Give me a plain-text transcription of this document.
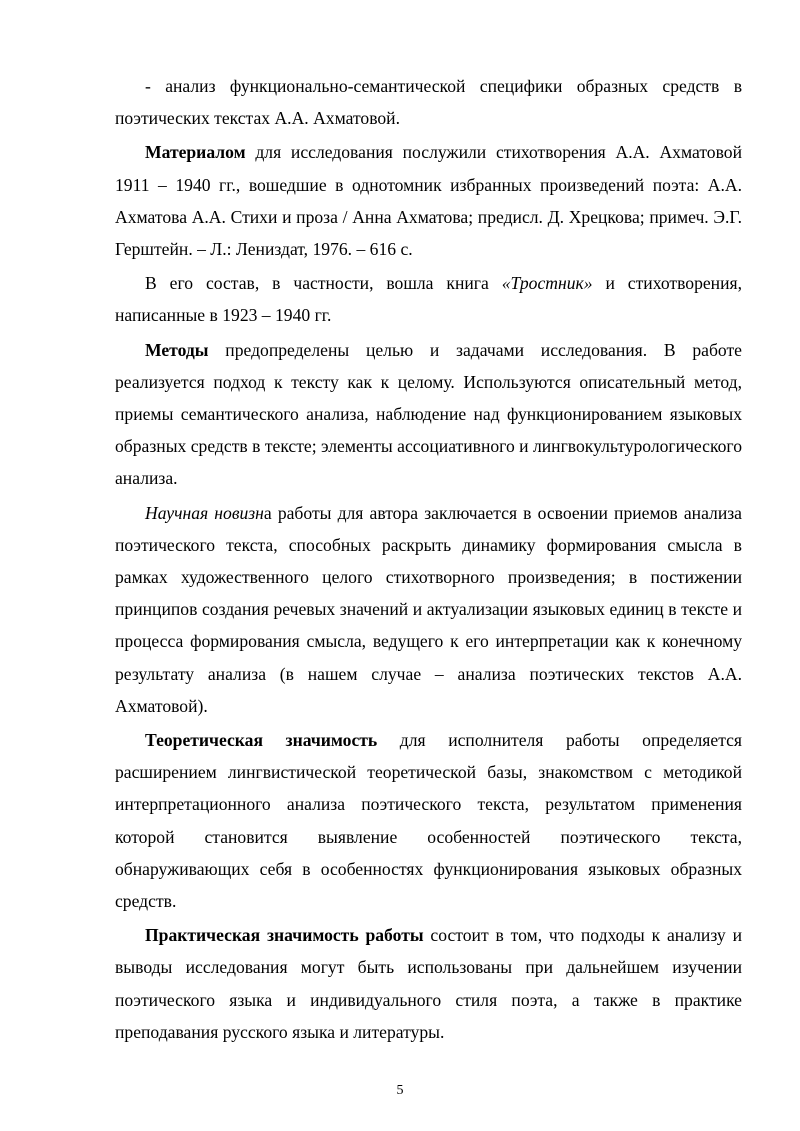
- анализ функционально-семантической специфики образных средств в поэтических текстах А.А. Ахматовой.

Материалом для исследования послужили стихотворения А.А. Ахматовой 1911 – 1940 гг., вошедшие в однотомник избранных произведений поэта: А.А. Ахматова А.А. Стихи и проза / Анна Ахматова; предисл. Д. Хрецкова; примеч. Э.Г. Герштейн. – Л.: Лениздат, 1976. – 616 с.

В его состав, в частности, вошла книга «Тростник» и стихотворения, написанные в 1923 – 1940 гг.

Методы предопределены целью и задачами исследования. В работе реализуется подход к тексту как к целому. Используются описательный метод, приемы семантического анализа, наблюдение над функционированием языковых образных средств в тексте; элементы ассоциативного и лингвокультурологического анализа.

Научная новизна работы для автора заключается в освоении приемов анализа поэтического текста, способных раскрыть динамику формирования смысла в рамках художественного целого стихотворного произведения; в постижении принципов создания речевых значений и актуализации языковых единиц в тексте и процесса формирования смысла, ведущего к его интерпретации как к конечному результату анализа (в нашем случае – анализа поэтических текстов А.А. Ахматовой).

Теоретическая значимость для исполнителя работы определяется расширением лингвистической теоретической базы, знакомством с методикой интерпретационного анализа поэтического текста, результатом применения которой становится выявление особенностей поэтического текста, обнаруживающих себя в особенностях функционирования языковых образных средств.

Практическая значимость работы состоит в том, что подходы к анализу и выводы исследования могут быть использованы при дальнейшем изучении поэтического языка и индивидуального стиля поэта, а также в практике преподавания русского языка и литературы.

5
